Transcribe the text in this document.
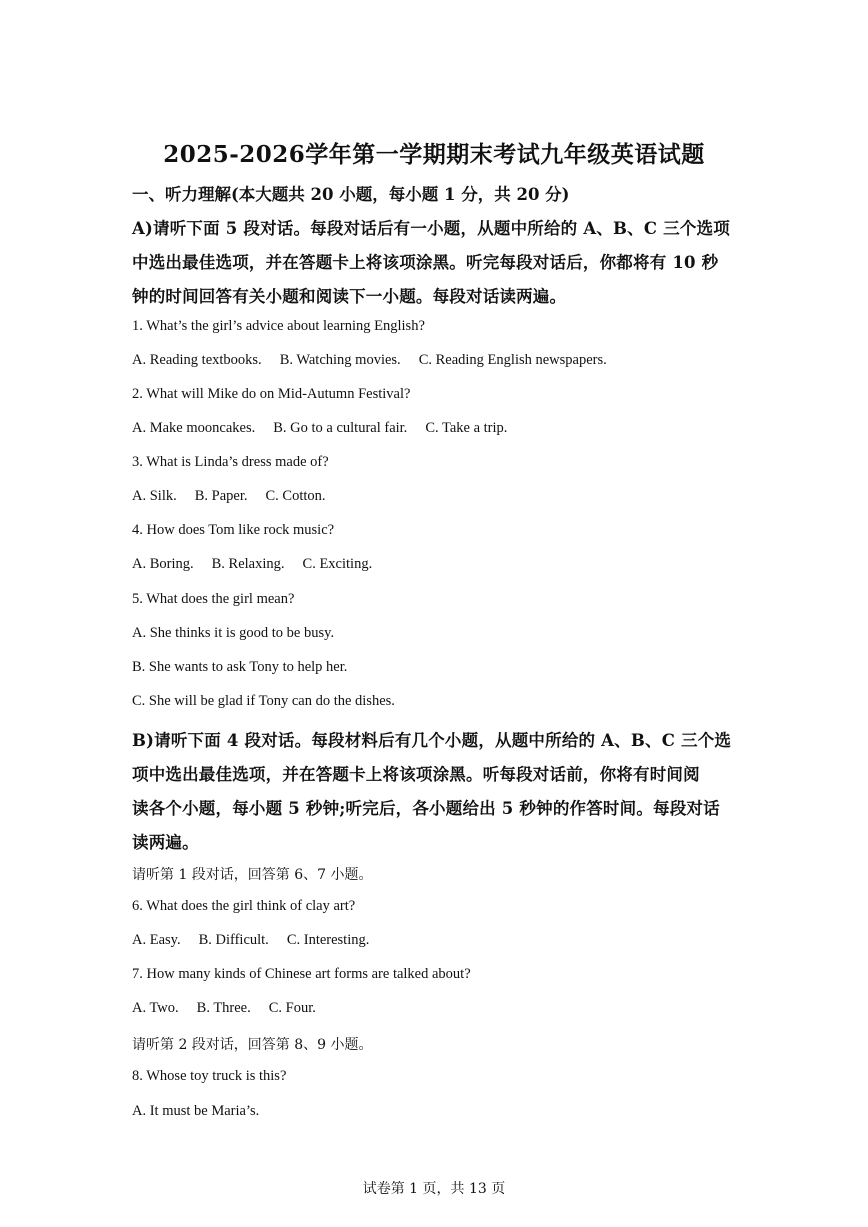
2025-2026学年第一学期期末考试九年级英语试题
一、听力理解(本大题共 20 小题，每小题 1 分，共 20 分)
A)请听下面 5 段对话。每段对话后有一小题，从题中所给的 A、B、C 三个选项
中选出最佳选项，并在答题卡上将该项涂黑。听完每段对话后，你都将有 10 秒
钟的时间回答有关小题和阅读下一小题。每段对话读两遍。
1. What’s the girl’s advice about learning English?
A. Reading textbooks. B. Watching movies. C. Reading English newspapers.
2. What will Mike do on Mid-Autumn Festival?
A. Make mooncakes. B. Go to a cultural fair. C. Take a trip.
3. What is Linda’s dress made of?
A. Silk. B. Paper. C. Cotton.
4. How does Tom like rock music?
A. Boring. B. Relaxing. C. Exciting.
5. What does the girl mean?
A. She thinks it is good to be busy.
B. She wants to ask Tony to help her.
C. She will be glad if Tony can do the dishes.
B)请听下面 4 段对话。每段材料后有几个小题，从题中所给的 A、B、C 三个选
项中选出最佳选项，并在答题卡上将该项涂黑。听每段对话前，你将有时间阅
读各个小题，每小题 5 秒钟;听完后，各小题给出 5 秒钟的作答时间。每段对话
读两遍。
请听第 1 段对话，回答第 6、7 小题。
6. What does the girl think of clay art?
A. Easy. B. Difficult. C. Interesting.
7. How many kinds of Chinese art forms are talked about?
A. Two. B. Three. C. Four.
请听第 2 段对话，回答第 8、9 小题。
8. Whose toy truck is this?
A. It must be Maria’s.
试卷第 1 页，共 13 页
